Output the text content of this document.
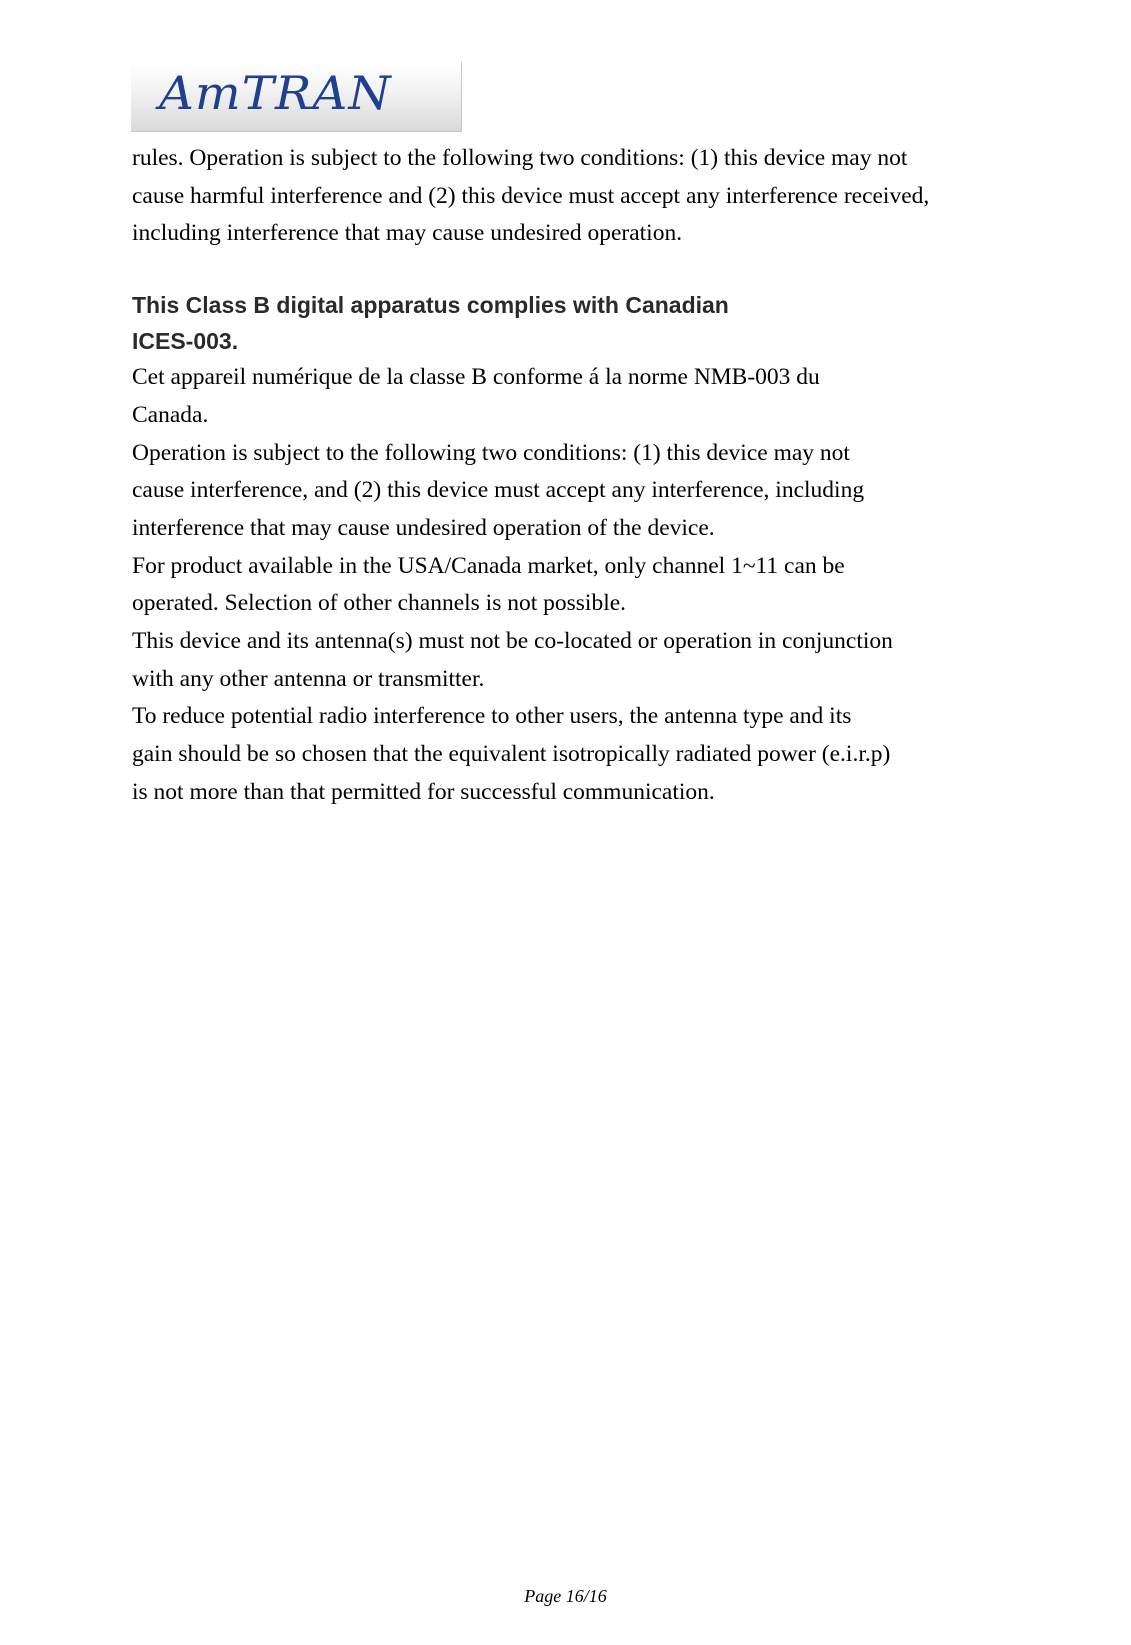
AmTRAN

rules. Operation is subject to the following two conditions: (1) this device may not
cause harmful interference and (2) this device must accept any interference received,
including interference that may cause undesired operation.

This Class B digital apparatus complies with Canadian
ICES-003.

Cet appareil numérique de la classe B conforme á la norme NMB-003 du
Canada.

Operation is subject to the following two conditions: (1) this device may not
cause interference, and (2) this device must accept any interference, including
interference that may cause undesired operation of the device.

For product available in the USA/Canada market, only channel 1~11 can be
operated. Selection of other channels is not possible.

This device and its antenna(s) must not be co-located or operation in conjunction
with any other antenna or transmitter.

To reduce potential radio interference to other users, the antenna type and its
gain should be so chosen that the equivalent isotropically radiated power (e.i.r.p)
is not more than that permitted for successful communication.

Page 16/16
